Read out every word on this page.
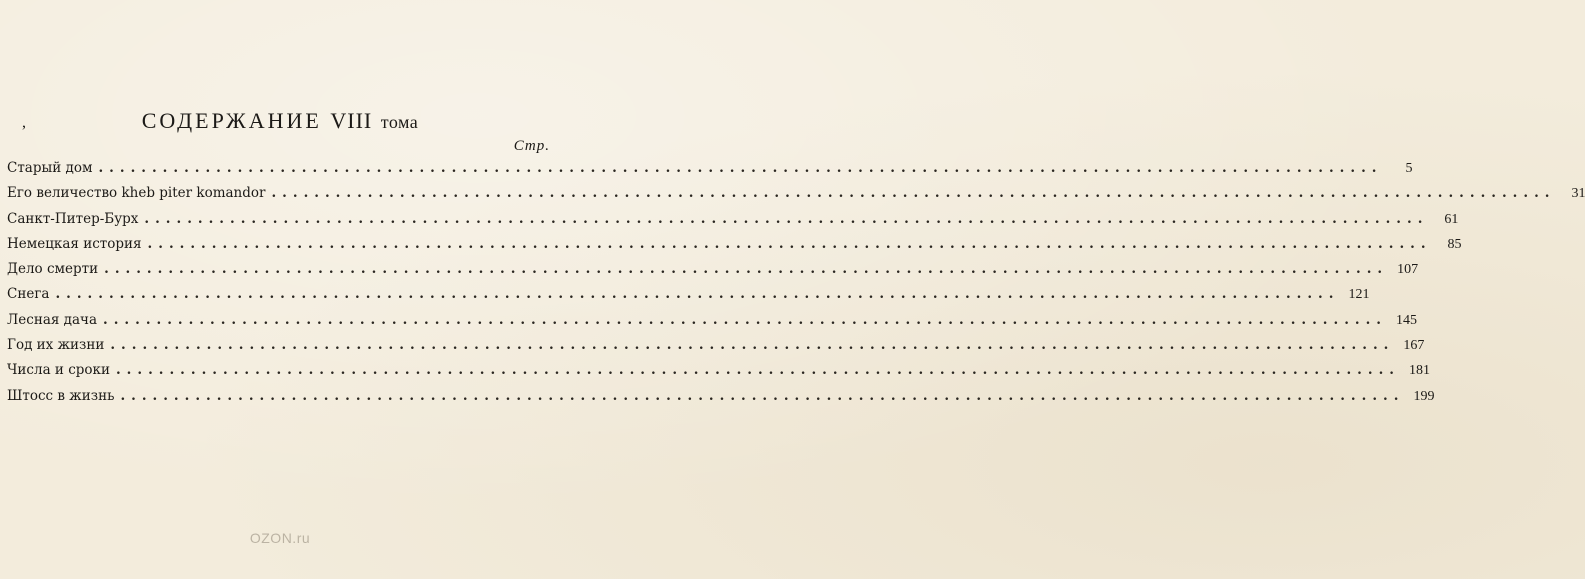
,	СОДЕРЖАНИЕ VIII тома
Стр.
Старый дом ........................................................................................................................	5
Его величество kheb piter komandor ........................................................................................................................	31
Санкт-Питер-Бурх ........................................................................................................................	61
Немецкая история ........................................................................................................................	85
Дело смерти ........................................................................................................................ 107
Снега ........................................................................................................................ 121
Лесная дача ........................................................................................................................ 145
Год их жизни ........................................................................................................................ 167
Числа и сроки ........................................................................................................................ 181
Штосс в жизнь ........................................................................................................................ 199
OZON.ru
